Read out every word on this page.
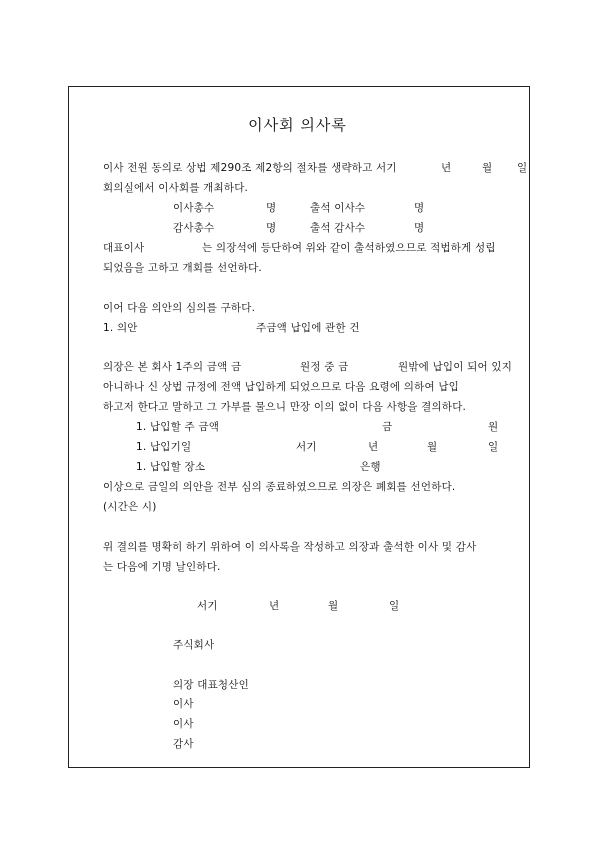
이사회 의사록
이사 전원 동의로 상법 제290조 제2항의 절차를 생략하고 서기	년	월 일
회의실에서 이사회를 개최하다.
이사총수	명	출석 이사수	명
감사총수	명	출석 감사수	명
대표이사	는 의장석에 등단하여 위와 같이 출석하였으므로 적법하게 성립
되었음을 고하고 개회를 선언하다.
이어 다음 의안의 심의를 구하다.
1. 의안	주금액 납입에 관한 건
의장은 본 회사 1주의 금액 금	원정 중 금	원밖에 납입이 되어 있지
아니하나 신 상법 규정에 전액 납입하게 되었으므로 다음 요령에 의하여 납입
하고저 한다고 말하고 그 가부를 물으니 만장 이의 없이 다음 사항을 결의하다.
1. 납입할 주 금액	금	원
1. 납입기일	서기	년	월	일
1. 납입할 장소	은행
이상으로 금일의 의안을 전부 심의 종료하였으므로 의장은 폐회를 선언하다.
(시간은 시)
위 결의를 명확히 하기 위하여 이 의사록을 작성하고 의장과 출석한 이사 및 감사
는 다음에 기명 날인하다.
서기	년	월	일
주식회사
의장 대표청산인
이사
이사
감사
